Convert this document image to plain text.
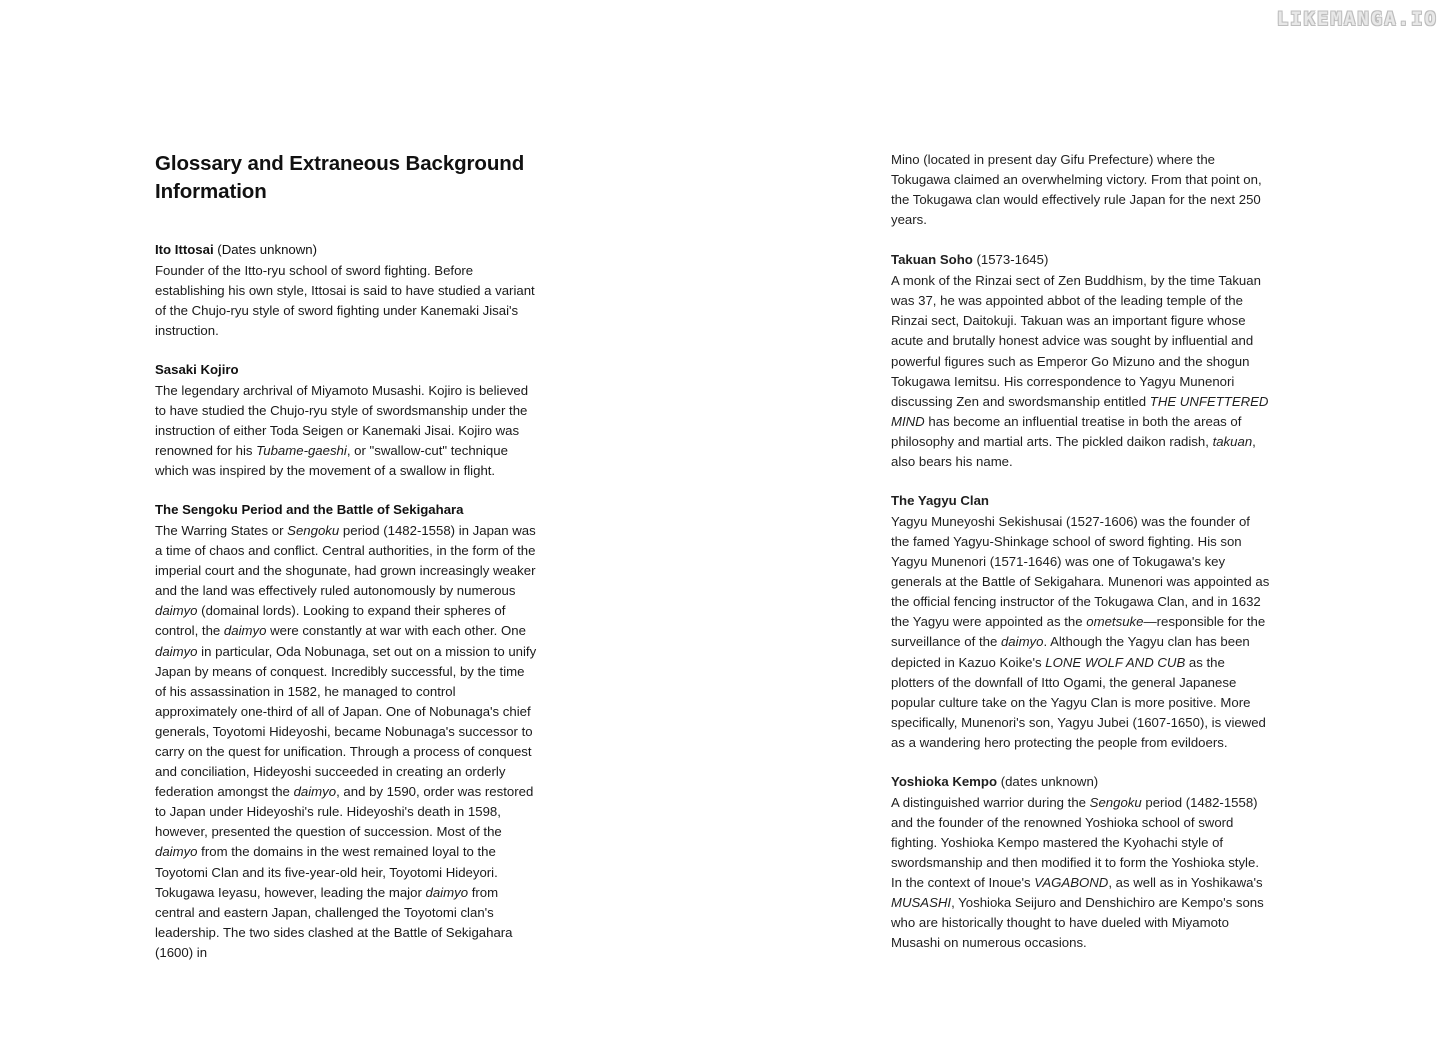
LIKEMANGA.IO
Glossary and Extraneous Background Information

Ito Ittosai (Dates unknown)

Founder of the Itto-ryu school of sword fighting. Before establishing his own style, Ittosai is said to have studied a variant of the Chujo-ryu style of sword fighting under Kanemaki Jisai's instruction.

Sasaki Kojiro

The legendary archrival of Miyamoto Musashi. Kojiro is believed to have studied the Chujo-ryu style of swordsmanship under the instruction of either Toda Seigen or Kanemaki Jisai. Kojiro was renowned for his Tubame-gaeshi, or "swallow-cut" technique which was inspired by the movement of a swallow in flight.

The Sengoku Period and the Battle of Sekigahara

The Warring States or Sengoku period (1482-1558) in Japan was a time of chaos and conflict. Central authorities, in the form of the imperial court and the shogunate, had grown increasingly weaker and the land was effectively ruled autonomously by numerous daimyo (domainal lords). Looking to expand their spheres of control, the daimyo were constantly at war with each other. One daimyo in particular, Oda Nobunaga, set out on a mission to unify Japan by means of conquest. Incredibly successful, by the time of his assassination in 1582, he managed to control approximately one-third of all of Japan. One of Nobunaga's chief generals, Toyotomi Hideyoshi, became Nobunaga's successor to carry on the quest for unification. Through a process of conquest and conciliation, Hideyoshi succeeded in creating an orderly federation amongst the daimyo, and by 1590, order was restored to Japan under Hideyoshi's rule. Hideyoshi's death in 1598, however, presented the question of succession. Most of the daimyo from the domains in the west remained loyal to the Toyotomi Clan and its five-year-old heir, Toyotomi Hideyori. Tokugawa Ieyasu, however, leading the major daimyo from central and eastern Japan, challenged the Toyotomi clan's leadership. The two sides clashed at the Battle of Sekigahara (1600) in

Mino (located in present day Gifu Prefecture) where the Tokugawa claimed an overwhelming victory. From that point on, the Tokugawa clan would effectively rule Japan for the next 250 years.

Takuan Soho (1573-1645)

A monk of the Rinzai sect of Zen Buddhism, by the time Takuan was 37, he was appointed abbot of the leading temple of the Rinzai sect, Daitokuji. Takuan was an important figure whose acute and brutally honest advice was sought by influential and powerful figures such as Emperor Go Mizuno and the shogun Tokugawa Iemitsu. His correspondence to Yagyu Munenori discussing Zen and swordsmanship entitled THE UNFETTERED MIND has become an influential treatise in both the areas of philosophy and martial arts. The pickled daikon radish, takuan, also bears his name.

The Yagyu Clan

Yagyu Muneyoshi Sekishusai (1527-1606) was the founder of the famed Yagyu-Shinkage school of sword fighting. His son Yagyu Munenori (1571-1646) was one of Tokugawa's key generals at the Battle of Sekigahara. Munenori was appointed as the official fencing instructor of the Tokugawa Clan, and in 1632 the Yagyu were appointed as the ometsuke—responsible for the surveillance of the daimyo. Although the Yagyu clan has been depicted in Kazuo Koike's LONE WOLF AND CUB as the plotters of the downfall of Itto Ogami, the general Japanese popular culture take on the Yagyu Clan is more positive. More specifically, Munenori's son, Yagyu Jubei (1607-1650), is viewed as a wandering hero protecting the people from evildoers.

Yoshioka Kempo (dates unknown)

A distinguished warrior during the Sengoku period (1482-1558) and the founder of the renowned Yoshioka school of sword fighting. Yoshioka Kempo mastered the Kyohachi style of swordsmanship and then modified it to form the Yoshioka style. In the context of Inoue's VAGABOND, as well as in Yoshikawa's MUSASHI, Yoshioka Seijuro and Denshichiro are Kempo's sons who are historically thought to have dueled with Miyamoto Musashi on numerous occasions.
